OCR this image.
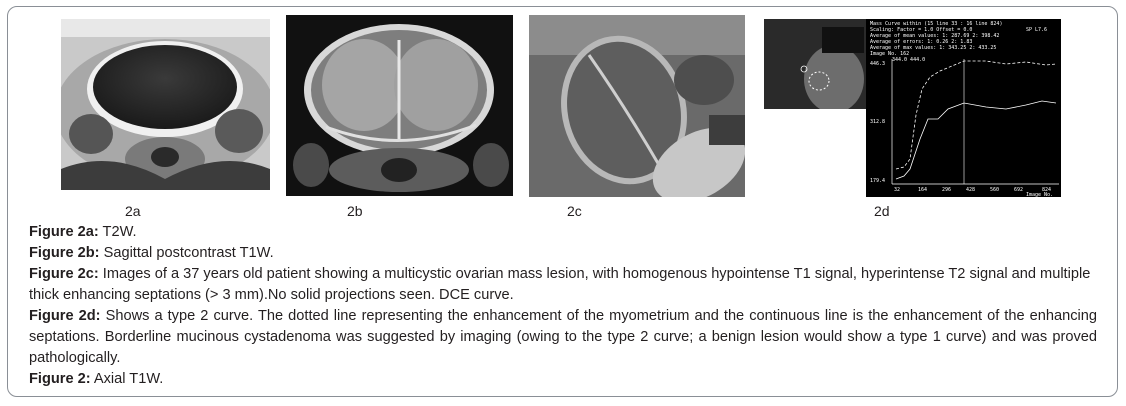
Mass Curve within (15 line 33 : 16 line 824)
Scaling: Factor = 1.0 Offset = 0.0
Average of mean values: 1: 287.69 2: 398.42
Average of errors: 1: 0.26 2: 1.83
Average of max values: 1: 343.25 2: 433.25
Image No. 162
344.0 444.0
SP L7.6
446.3
312.8
179.4
32	164	296	428	560	692	824
Image No.
2a	2b	2c	2d
Figure 2a: T2W.
Figure 2b: Sagittal postcontrast T1W.
Figure 2c: Images of a 37 years old patient showing a multicystic ovarian mass lesion, with homogenous hypointense T1 signal, hyperintense T2 signal and multiple thick enhancing septations (> 3 mm).No solid projections seen. DCE curve.
Figure 2d: Shows a type 2 curve. The dotted line representing the enhancement of the myometrium and the continuous line is the enhancement of the enhancing septations. Borderline mucinous cystadenoma was suggested by imaging (owing to the type 2 curve; a benign lesion would show a type 1 curve) and was proved pathologically.
Figure 2: Axial T1W.
